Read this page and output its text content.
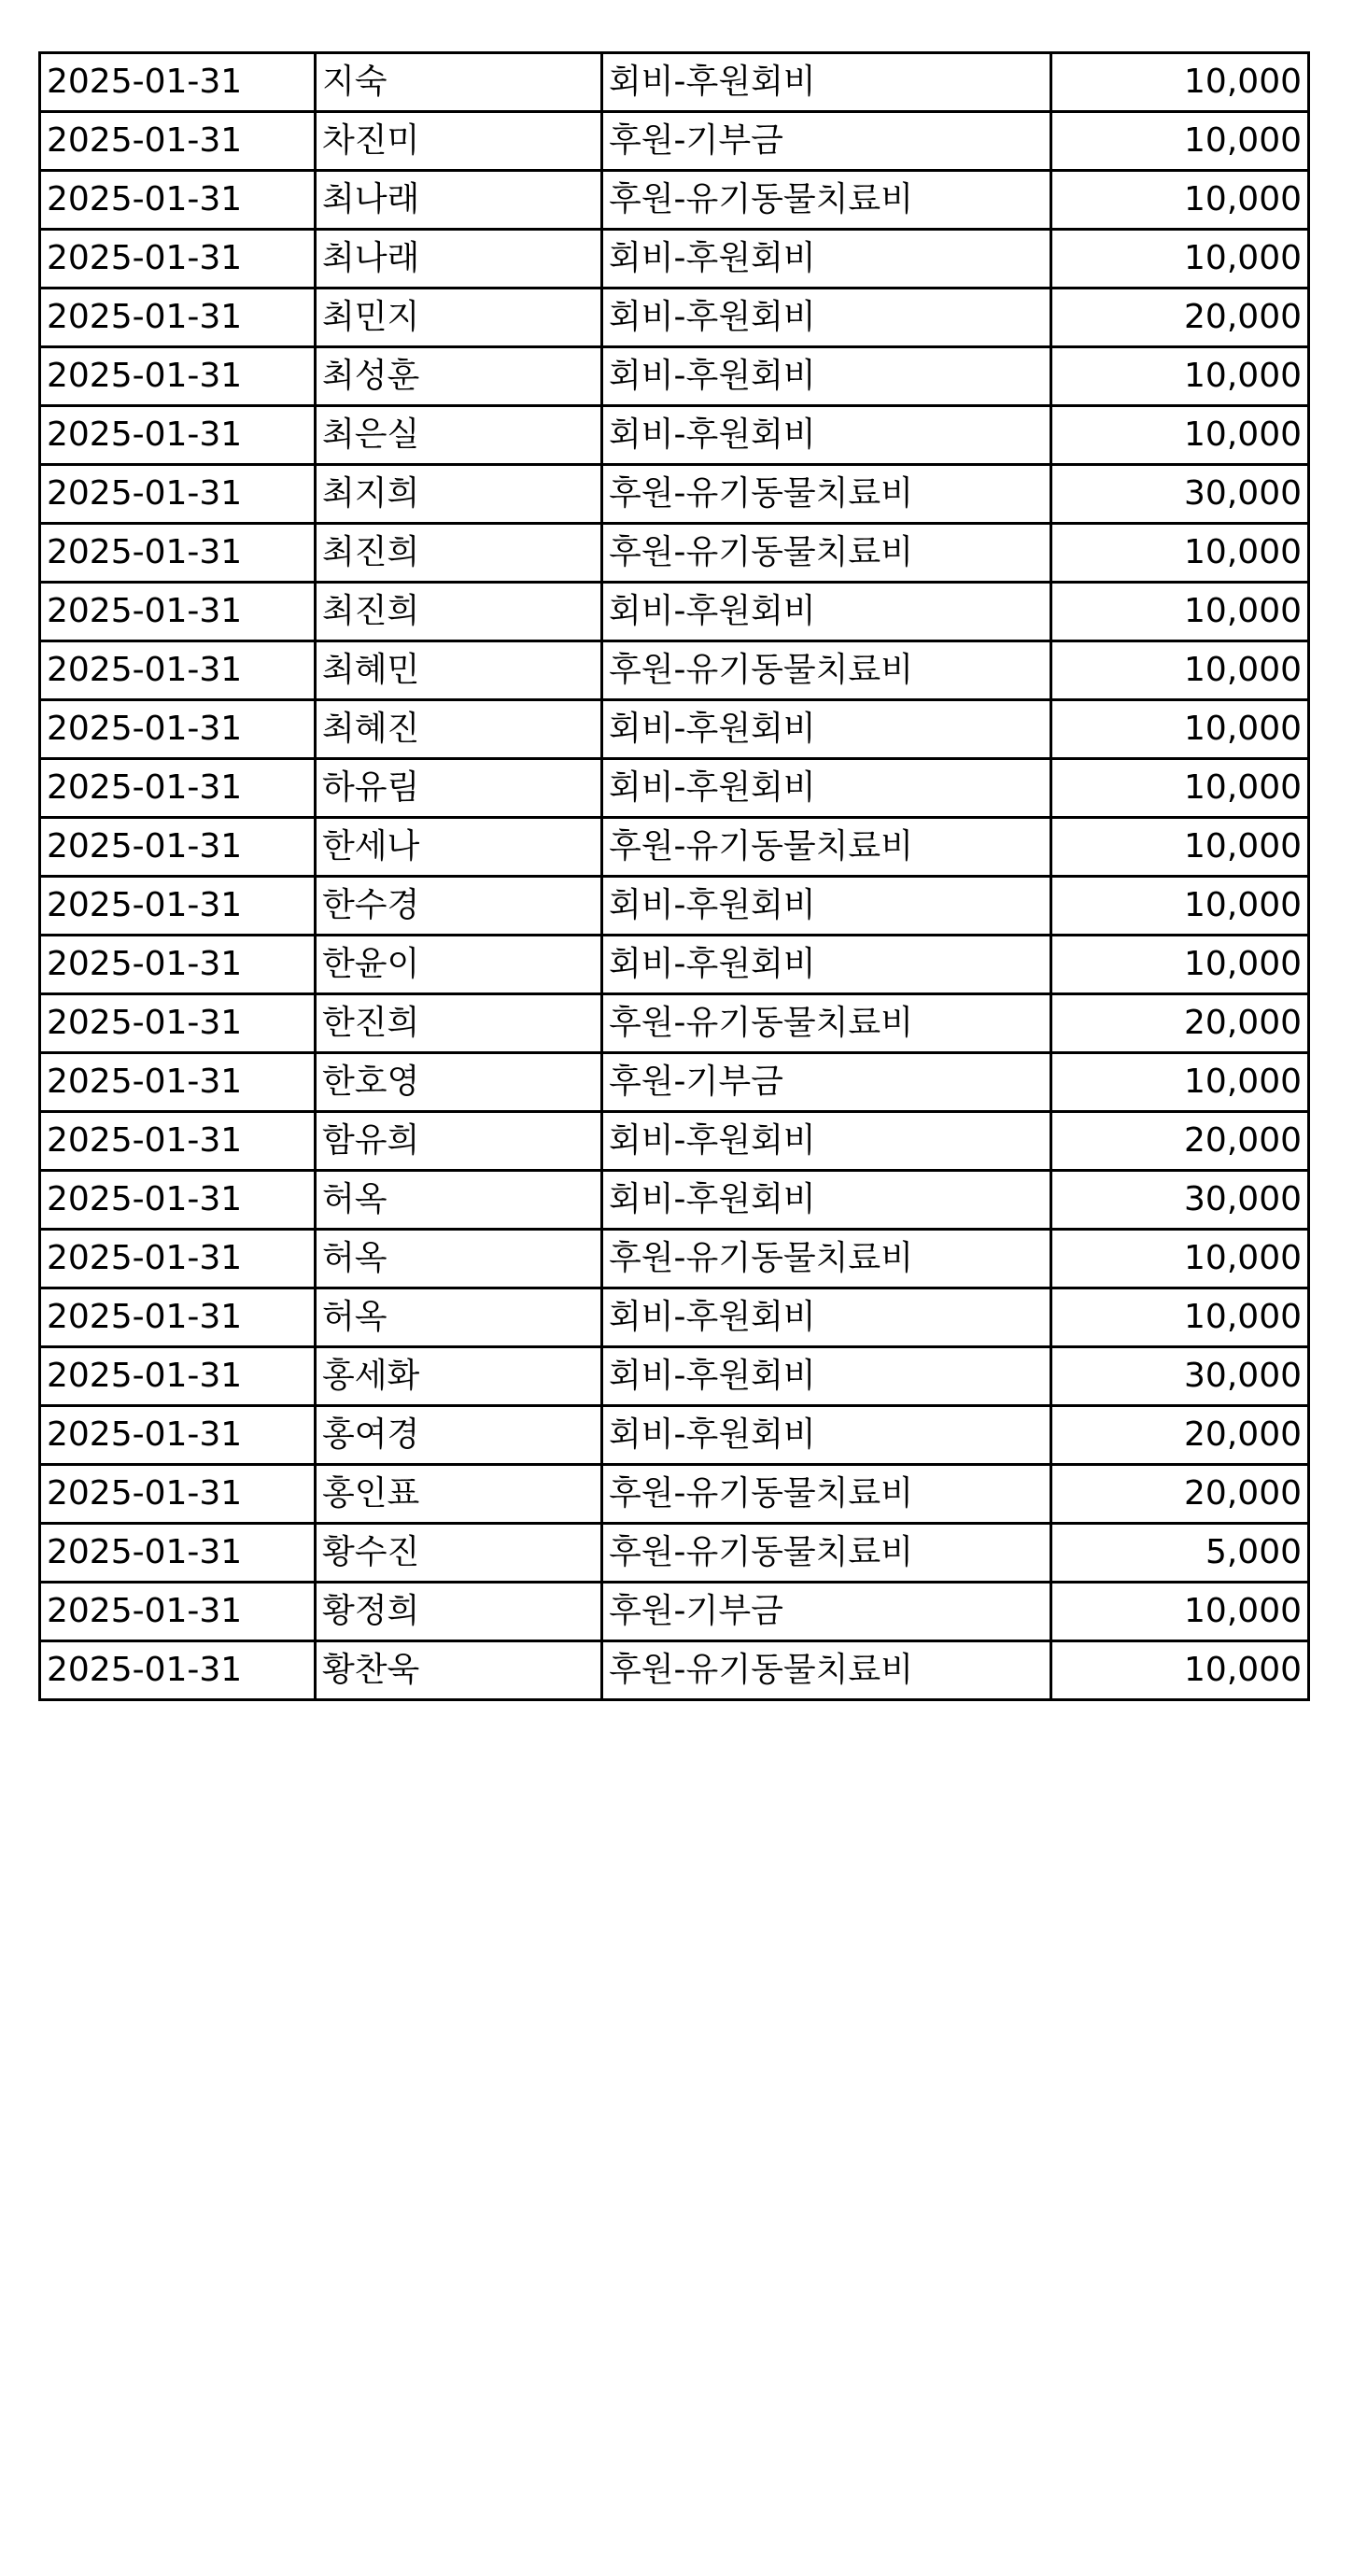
2025-01-31	지숙	회비-후원회비	10,000
2025-01-31	차진미	후원-기부금	10,000
2025-01-31	최나래	후원-유기동물치료비	10,000
2025-01-31	최나래	회비-후원회비	10,000
2025-01-31	최민지	회비-후원회비	20,000
2025-01-31	최성훈	회비-후원회비	10,000
2025-01-31	최은실	회비-후원회비	10,000
2025-01-31	최지희	후원-유기동물치료비	30,000
2025-01-31	최진희	후원-유기동물치료비	10,000
2025-01-31	최진희	회비-후원회비	10,000
2025-01-31	최혜민	후원-유기동물치료비	10,000
2025-01-31	최혜진	회비-후원회비	10,000
2025-01-31	하유림	회비-후원회비	10,000
2025-01-31	한세나	후원-유기동물치료비	10,000
2025-01-31	한수경	회비-후원회비	10,000
2025-01-31	한윤이	회비-후원회비	10,000
2025-01-31	한진희	후원-유기동물치료비	20,000
2025-01-31	한호영	후원-기부금	10,000
2025-01-31	함유희	회비-후원회비	20,000
2025-01-31	허옥	회비-후원회비	30,000
2025-01-31	허옥	후원-유기동물치료비	10,000
2025-01-31	허옥	회비-후원회비	10,000
2025-01-31	홍세화	회비-후원회비	30,000
2025-01-31	홍여경	회비-후원회비	20,000
2025-01-31	홍인표	후원-유기동물치료비	20,000
2025-01-31	황수진	후원-유기동물치료비	5,000
2025-01-31	황정희	후원-기부금	10,000
2025-01-31	황찬욱	후원-유기동물치료비	10,000
